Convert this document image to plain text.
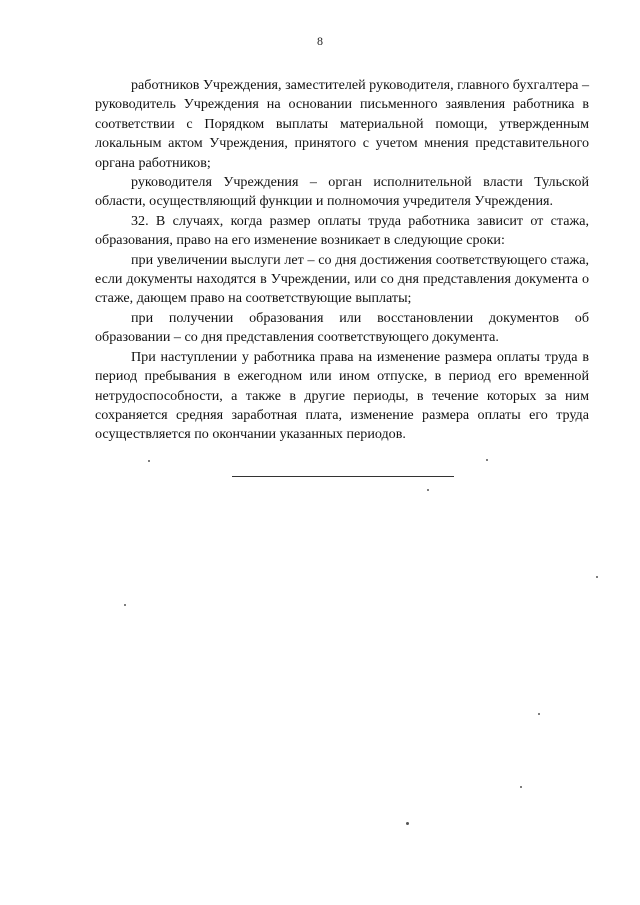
8

работников Учреждения, заместителей руководителя, главного бухгалтера – руководитель Учреждения на основании письменного заявления работника в соответствии с Порядком выплаты материальной помощи, утвержденным локальным актом Учреждения, принятого с учетом мнения представительного органа работников;

руководителя Учреждения – орган исполнительной власти Тульской области, осуществляющий функции и полномочия учредителя Учреждения.

32. В случаях, когда размер оплаты труда работника зависит от стажа, образования, право на его изменение возникает в следующие сроки:

при увеличении выслуги лет – со дня достижения соответствующего стажа, если документы находятся в Учреждении, или со дня представления документа о стаже, дающем право на соответствующие выплаты;

при получении образования или восстановлении документов об образовании – со дня представления соответствующего документа.

При наступлении у работника права на изменение размера оплаты труда в период пребывания в ежегодном или ином отпуске, в период его временной нетрудоспособности, а также в другие периоды, в течение которых за ним сохраняется средняя заработная плата, изменение размера оплаты его труда осуществляется по окончании указанных периодов.
